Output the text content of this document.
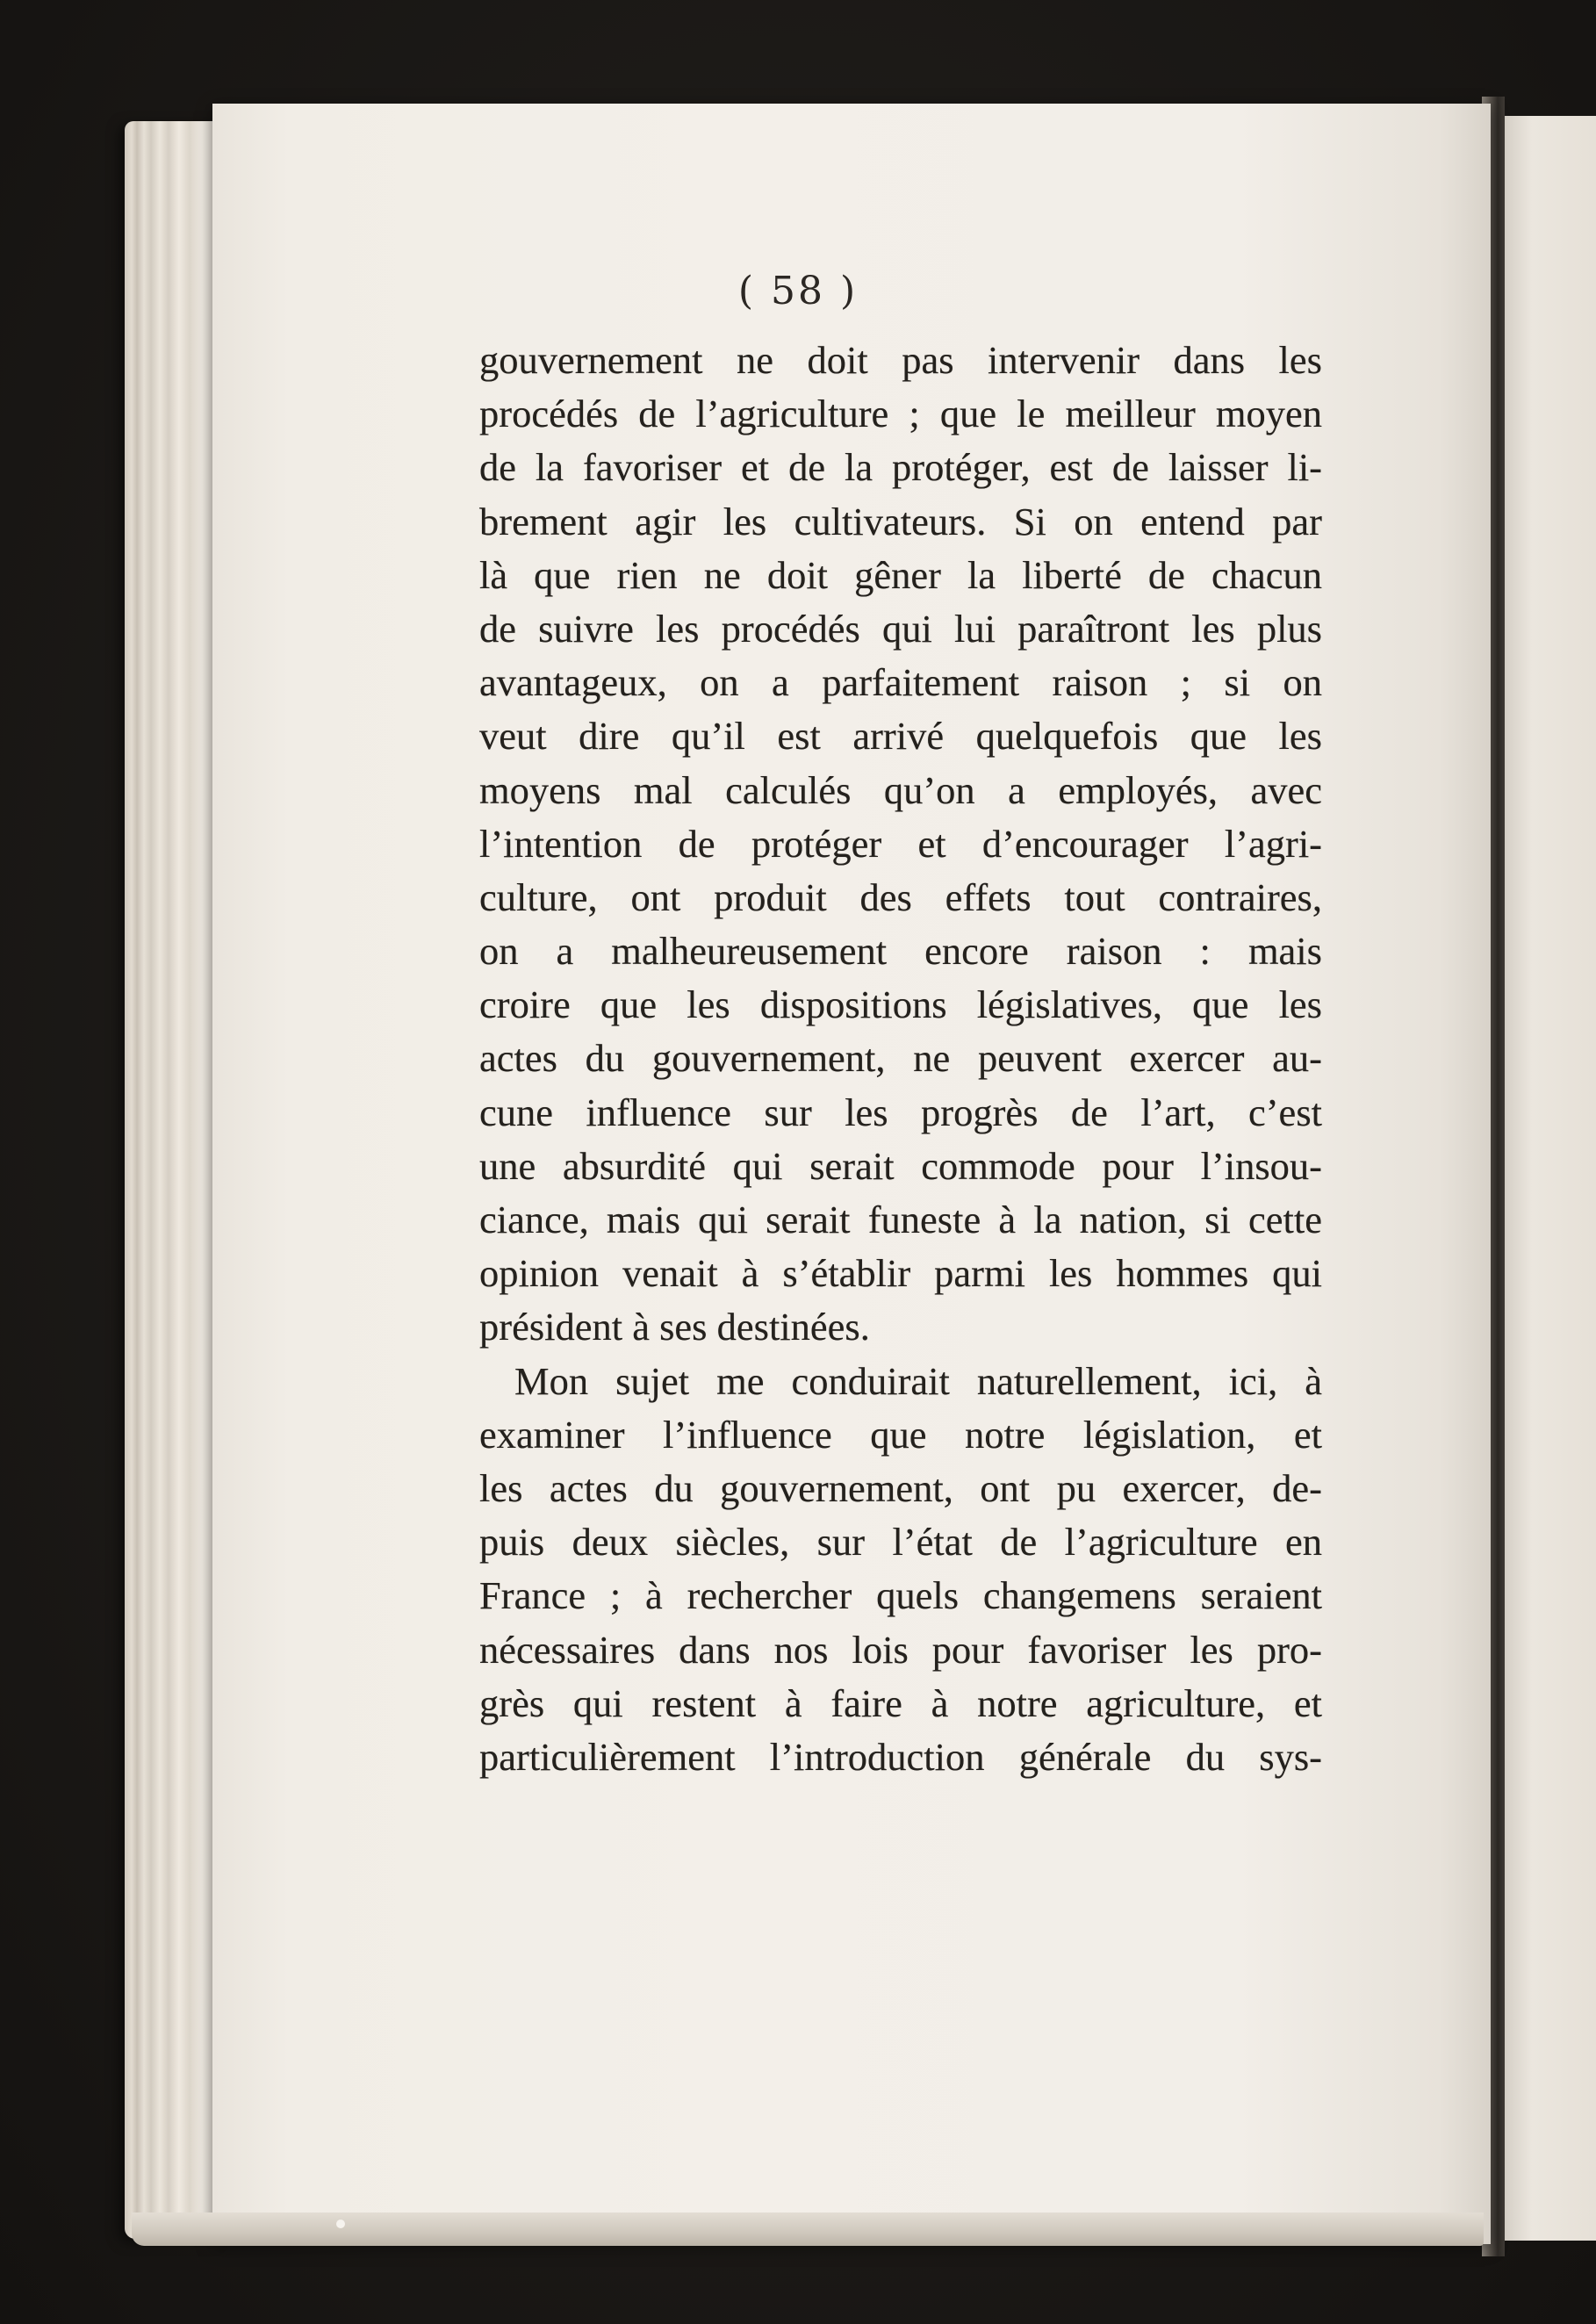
( 58 )
gouvernement ne doit pas intervenir dans les
procédés de l’agriculture ; que le meilleur moyen
de la favoriser et de la protéger, est de laisser li-
brement agir les cultivateurs. Si on entend par
là que rien ne doit gêner la liberté de chacun
de suivre les procédés qui lui paraîtront les plus
avantageux, on a parfaitement raison ; si on
veut dire qu’il est arrivé quelquefois que les
moyens mal calculés qu’on a employés, avec
l’intention de protéger et d’encourager l’agri-
culture, ont produit des effets tout contraires,
on a malheureusement encore raison : mais
croire que les dispositions législatives, que les
actes du gouvernement, ne peuvent exercer au-
cune influence sur les progrès de l’art, c’est
une absurdité qui serait commode pour l’insou-
ciance, mais qui serait funeste à la nation, si cette
opinion venait à s’établir parmi les hommes qui
président à ses destinées.
Mon sujet me conduirait naturellement, ici, à
examiner l’influence que notre législation, et
les actes du gouvernement, ont pu exercer, de-
puis deux siècles, sur l’état de l’agriculture en
France ; à rechercher quels changemens seraient
nécessaires dans nos lois pour favoriser les pro-
grès qui restent à faire à notre agriculture, et
particulièrement l’introduction générale du sys-
